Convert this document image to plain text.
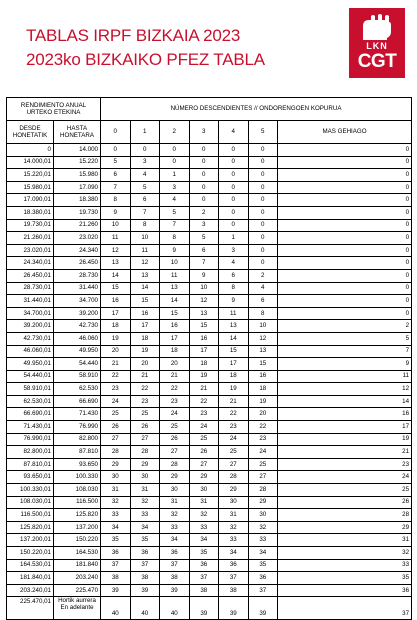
TABLAS IRPF BIZKAIA 2023
2023ko BIZKAIKO PFEZ TABLA
LKN
CGT
RENDIMIENTO ANUAL URTEKO ETEKINA		NÚMERO DESCENDIENTES // ONDORENGOEN KOPURUA						
DESDE HONETATIK	HASTA HONETARA	0	1	2	3	4	5	MAS GEHIAGO
0	14.000	0	0	0	0	0	0	0
14.000,01	15.220	5	3	0	0	0	0	0
15.220,01	15.980	6	4	1	0	0	0	0
15.980,01	17.090	7	5	3	0	0	0	0
17.090,01	18.380	8	6	4	0	0	0	0
18.380,01	19.730	9	7	5	2	0	0	0
19.730,01	21.260	10	8	7	3	0	0	0
21.260,01	23.020	11	10	8	5	1	0	0
23.020,01	24.340	12	11	9	6	3	0	0
24.340,01	26.450	13	12	10	7	4	0	0
26.450,01	28.730	14	13	11	9	6	2	0
28.730,01	31.440	15	14	13	10	8	4	0
31.440,01	34.700	16	15	14	12	9	6	0
34.700,01	39.200	17	16	15	13	11	8	0
39.200,01	42.730	18	17	16	15	13	10	2
42.730,01	46.060	19	18	17	16	14	12	5
46.060,01	49.950	20	19	18	17	15	13	7
49.950,01	54.440	21	20	20	18	17	15	9
54.440,01	58.910	22	21	21	19	18	16	11
58.910,01	62.530	23	22	22	21	19	18	12
62.530,01	66.690	24	23	23	22	21	19	14
66.690,01	71.430	25	25	24	23	22	20	16
71.430,01	76.990	26	26	25	24	23	22	17
76.990,01	82.800	27	27	26	25	24	23	19
82.800,01	87.810	28	28	27	26	25	24	21
87.810,01	93.650	29	29	28	27	27	25	23
93.650,01	100.330	30	30	29	29	28	27	24
100.330,01	108.030	31	31	30	30	29	28	25
108.030,01	116.500	32	32	31	31	30	29	26
116.500,01	125.820	33	33	32	32	31	30	28
125.820,01	137.200	34	34	33	33	32	32	29
137.200,01	150.220	35	35	34	34	33	33	31
150.220,01	164.530	36	36	36	35	34	34	32
164.530,01	181.840	37	37	37	36	36	35	33
181.840,01	203.240	38	38	38	37	37	36	35
203.240,01	225.470	39	39	39	38	38	37	36
225.470,01	Hortik aurrera En adelante	40	40	40	39	39	39	37
